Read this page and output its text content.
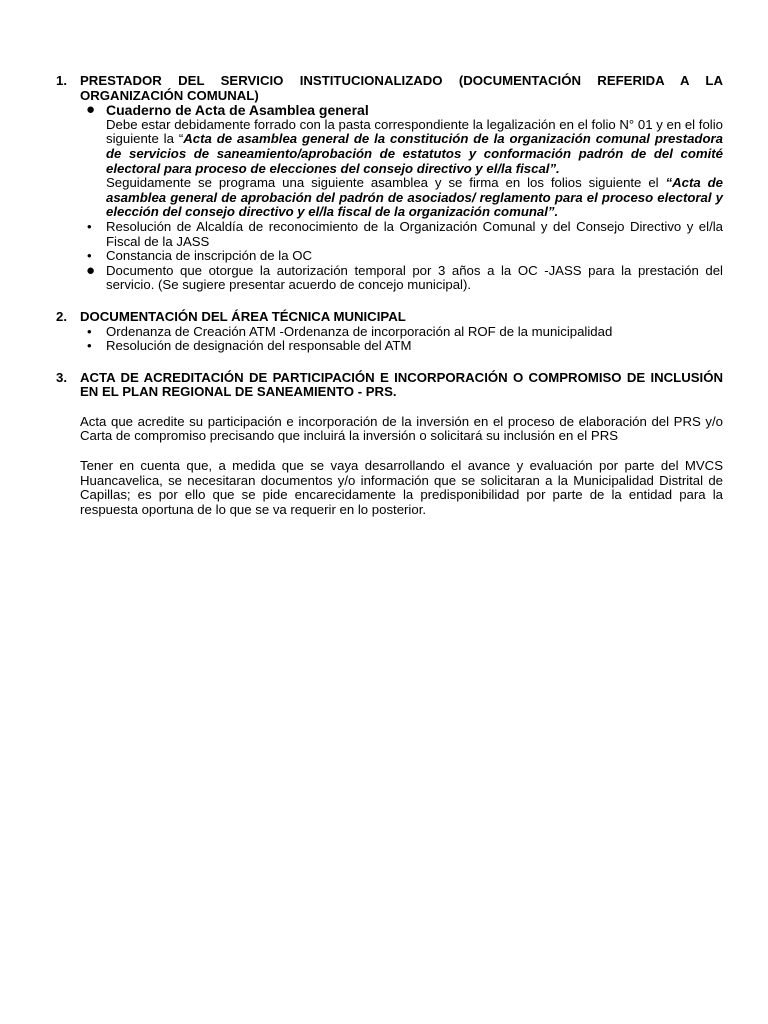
1. PRESTADOR DEL SERVICIO INSTITUCIONALIZADO (DOCUMENTACIÓN REFERIDA A LA ORGANIZACIÓN COMUNAL)
● Cuaderno de Acta de Asamblea general
Debe estar debidamente forrado con la pasta correspondiente la legalización en el folio N° 01 y en el folio siguiente la “Acta de asamblea general de la constitución de la organización comunal prestadora de servicios de saneamiento/aprobación de estatutos y conformación padrón de del comité electoral para proceso de elecciones del consejo directivo y el/la fiscal”.
Seguidamente se programa una siguiente asamblea y se firma en los folios siguiente el “Acta de asamblea general de aprobación del padrón de asociados/ reglamento para el proceso electoral y elección del consejo directivo y el/la fiscal de la organización comunal”.
• Resolución de Alcaldía de reconocimiento de la Organización Comunal y del Consejo Directivo y el/la Fiscal de la JASS
• Constancia de inscripción de la OC
● Documento que otorgue la autorización temporal por 3 años a la OC -JASS para la prestación del servicio. (Se sugiere presentar acuerdo de concejo municipal).
2. DOCUMENTACIÓN DEL ÁREA TÉCNICA MUNICIPAL
• Ordenanza de Creación ATM -Ordenanza de incorporación al ROF de la municipalidad
• Resolución de designación del responsable del ATM
3. ACTA DE ACREDITACIÓN DE PARTICIPACIÓN E INCORPORACIÓN O COMPROMISO DE INCLUSIÓN EN EL PLAN REGIONAL DE SANEAMIENTO - PRS.
Acta que acredite su participación e incorporación de la inversión en el proceso de elaboración del PRS y/o Carta de compromiso precisando que incluirá la inversión o solicitará su inclusión en el PRS
Tener en cuenta que, a medida que se vaya desarrollando el avance y evaluación por parte del MVCS Huancavelica, se necesitaran documentos y/o información que se solicitaran a la Municipalidad Distrital de Capillas; es por ello que se pide encarecidamente la predisponibilidad por parte de la entidad para la respuesta oportuna de lo que se va requerir en lo posterior.
